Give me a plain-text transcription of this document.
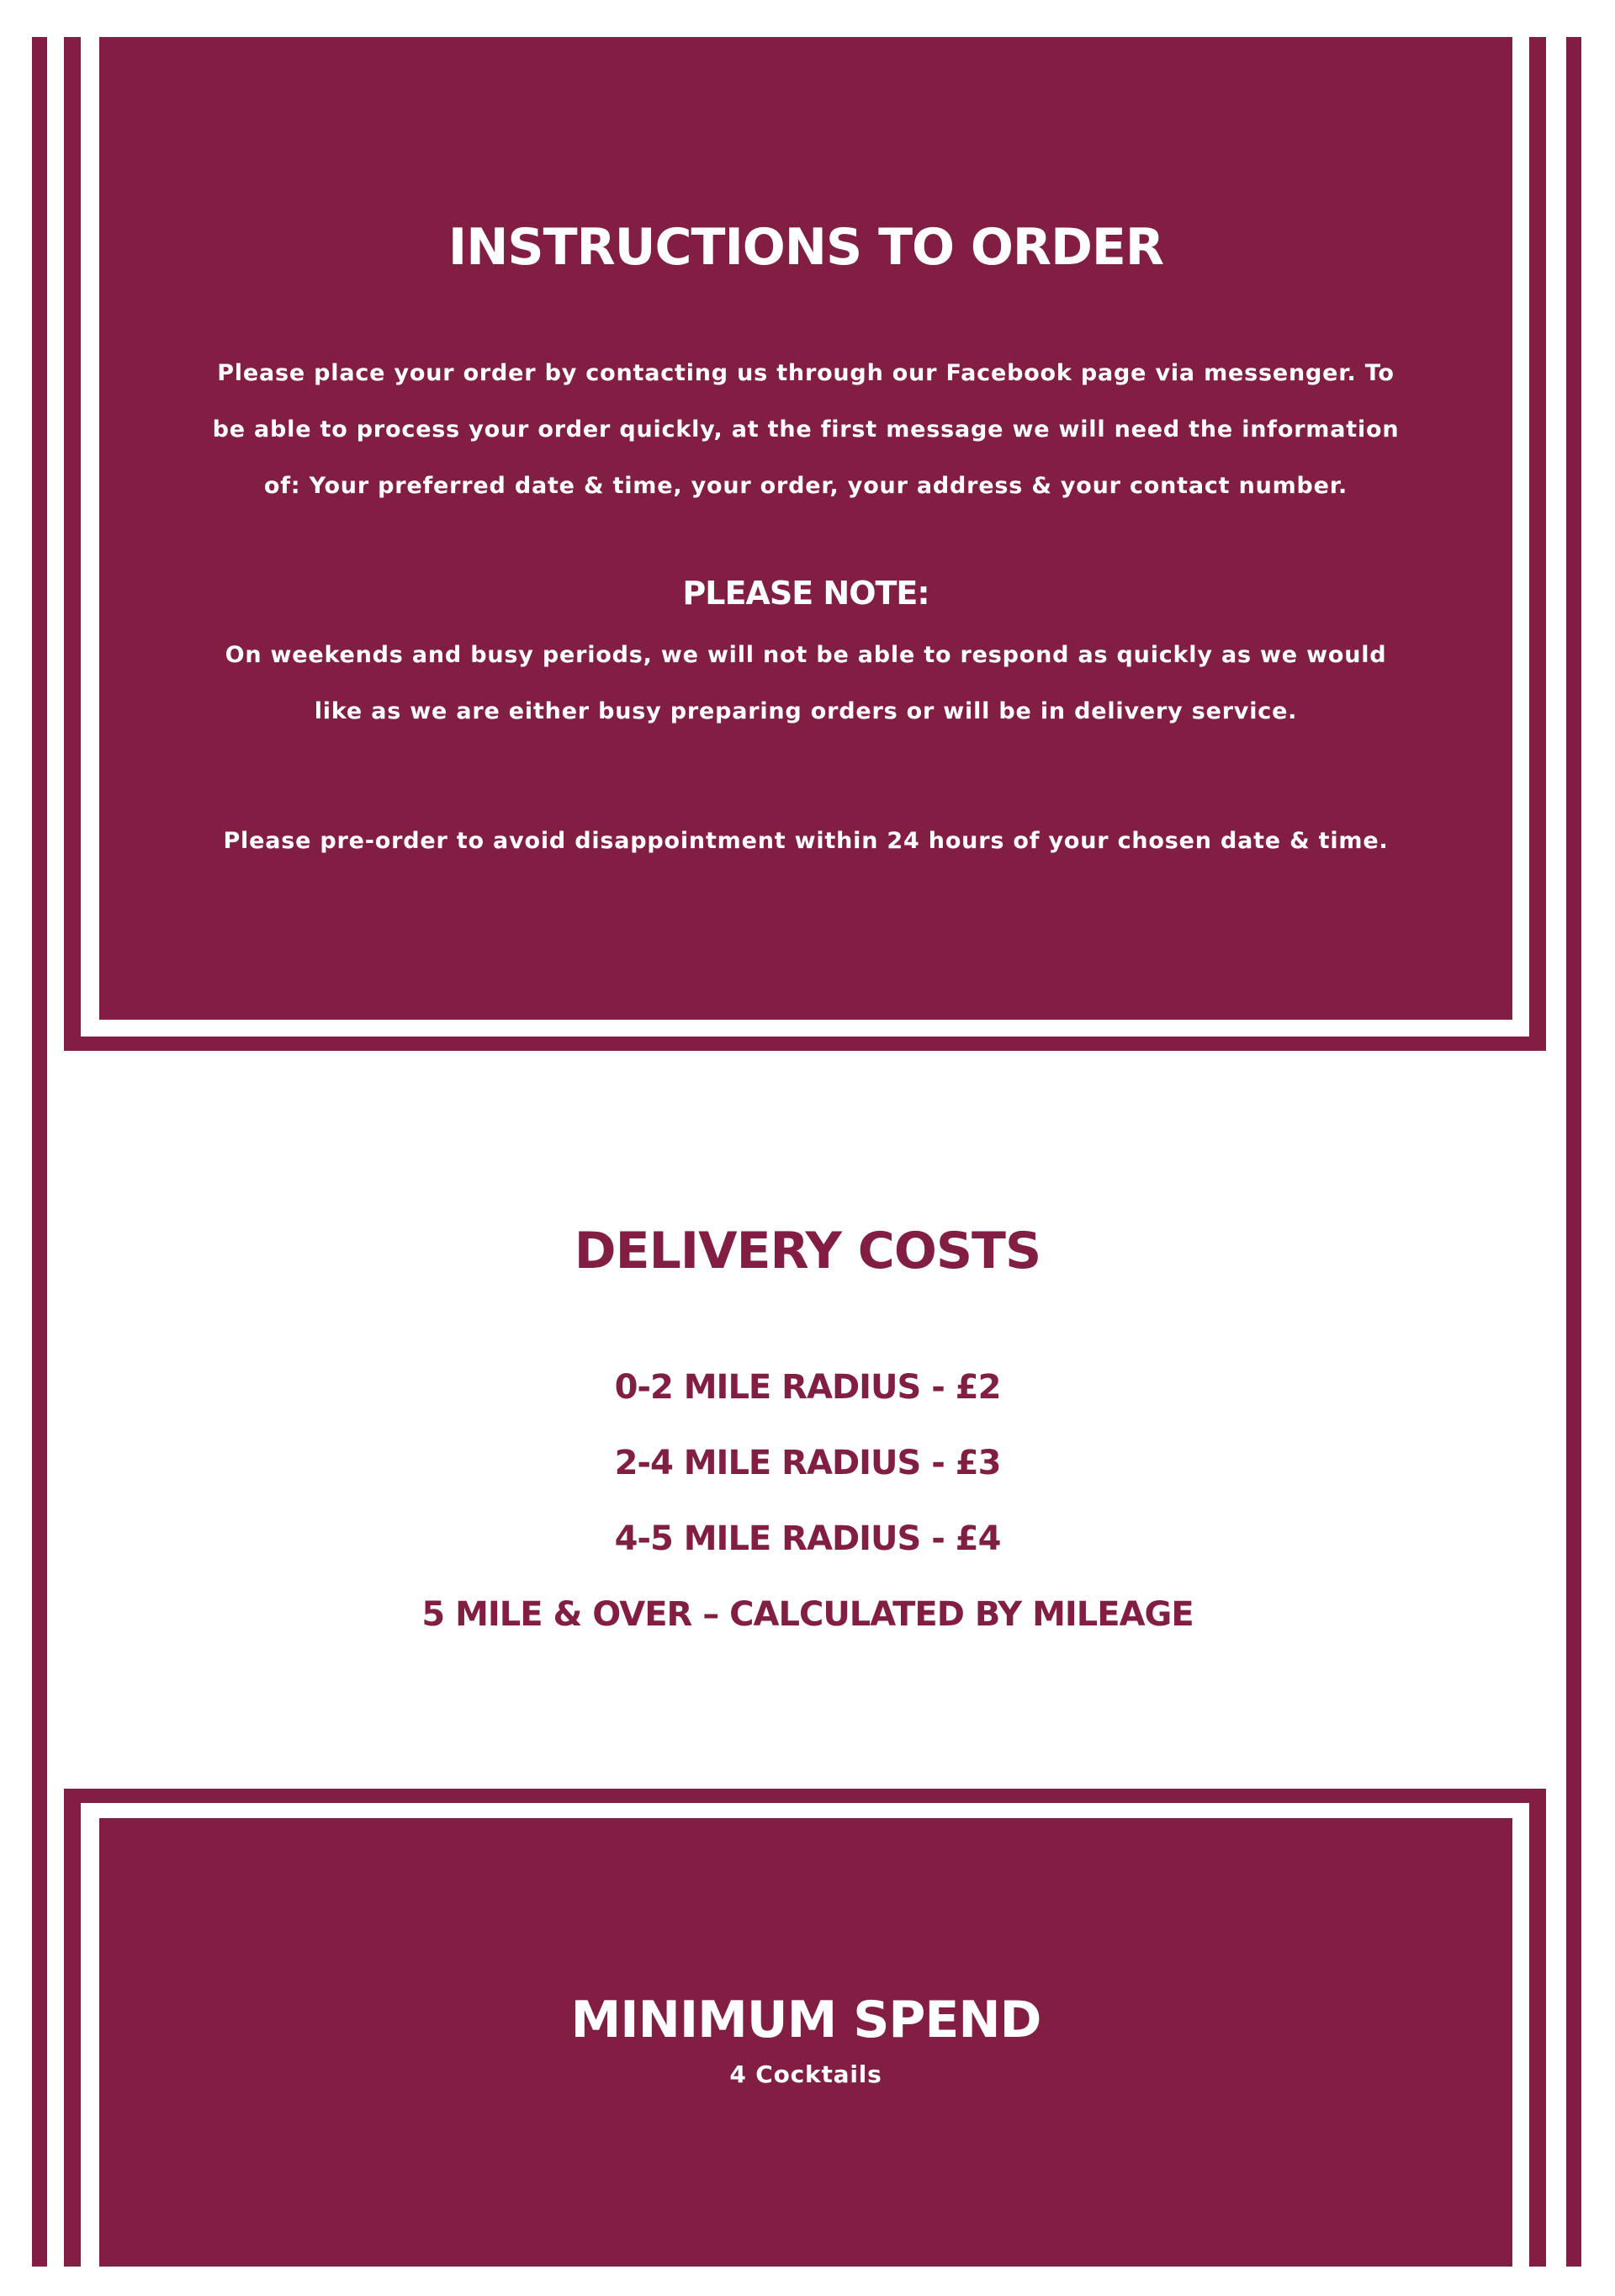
INSTRUCTIONS TO ORDER

Please place your order by contacting us through our Facebook page via messenger. To

be able to process your order quickly, at the first message we will need the information

of: Your preferred date & time, your order, your address & your contact number.

PLEASE NOTE:

On weekends and busy periods, we will not be able to respond as quickly as we would

like as we are either busy preparing orders or will be in delivery service.

Please pre-order to avoid disappointment within 24 hours of your chosen date & time.

DELIVERY COSTS

0-2 MILE RADIUS - £2

2-4 MILE RADIUS - £3

4-5 MILE RADIUS - £4

5 MILE & OVER – CALCULATED BY MILEAGE

MINIMUM SPEND

4 Cocktails
